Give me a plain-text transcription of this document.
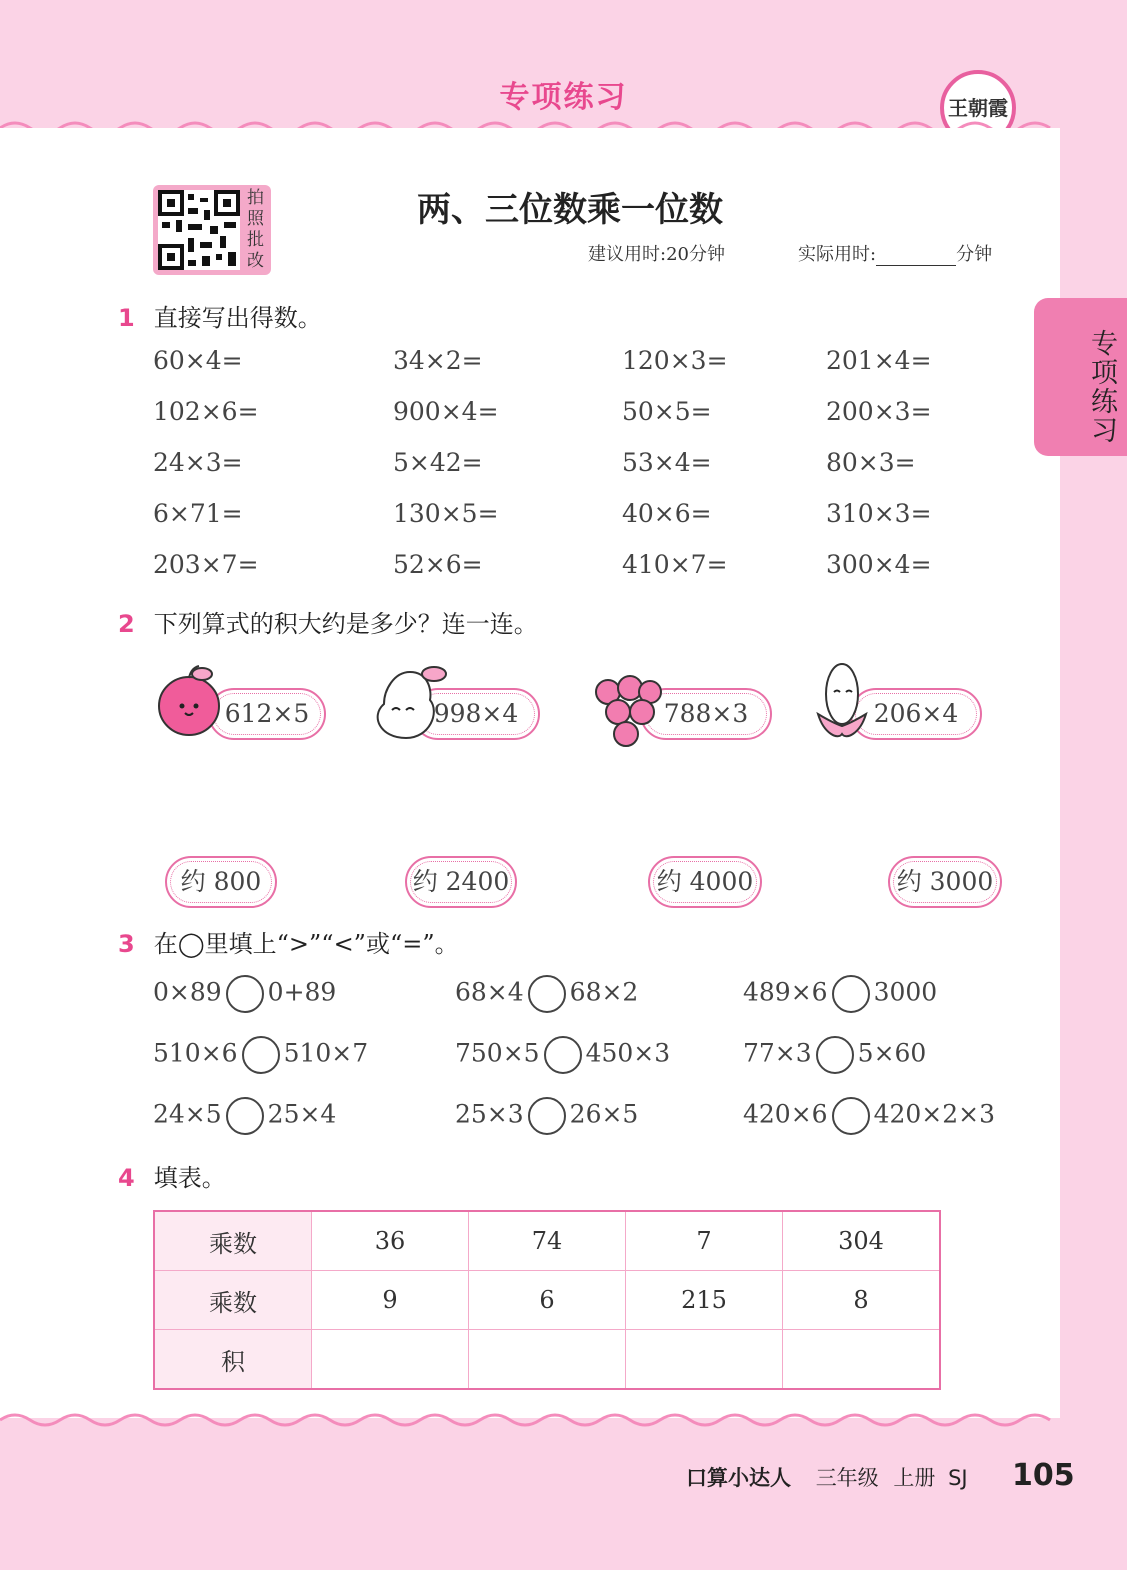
专项练习	王朝霞
专项练习
拍
照
批
改
两、三位数乘一位数
建议用时:20分钟	实际用时:	分钟
1 直接写出得数。
60×4=	34×2=	120×3=	201×4=
102×6=	900×4=	50×5=	200×3=
24×3=	5×42=	53×4=	80×3=
6×71=	130×5=	40×6=	310×3=
203×7=	52×6=	410×7=	300×4=
2 下列算式的积大约是多少？连一连。
612×5	998×4	788×3	206×4
约 800	约 2400	约 4000	约 3000
3 在◯里填上“>”“<”或“=”。
0×89 0+89	68×4 68×2	489×6 3000
510×6 510×7	750×5 450×3	77×3 5×60
24×5 25×4	25×3 26×5	420×6 420×2×3
4 填表。
乘数	36	74	7	304
乘数	9	6	215	8
积				
口算小达人 三年级 上册 SJ 105
